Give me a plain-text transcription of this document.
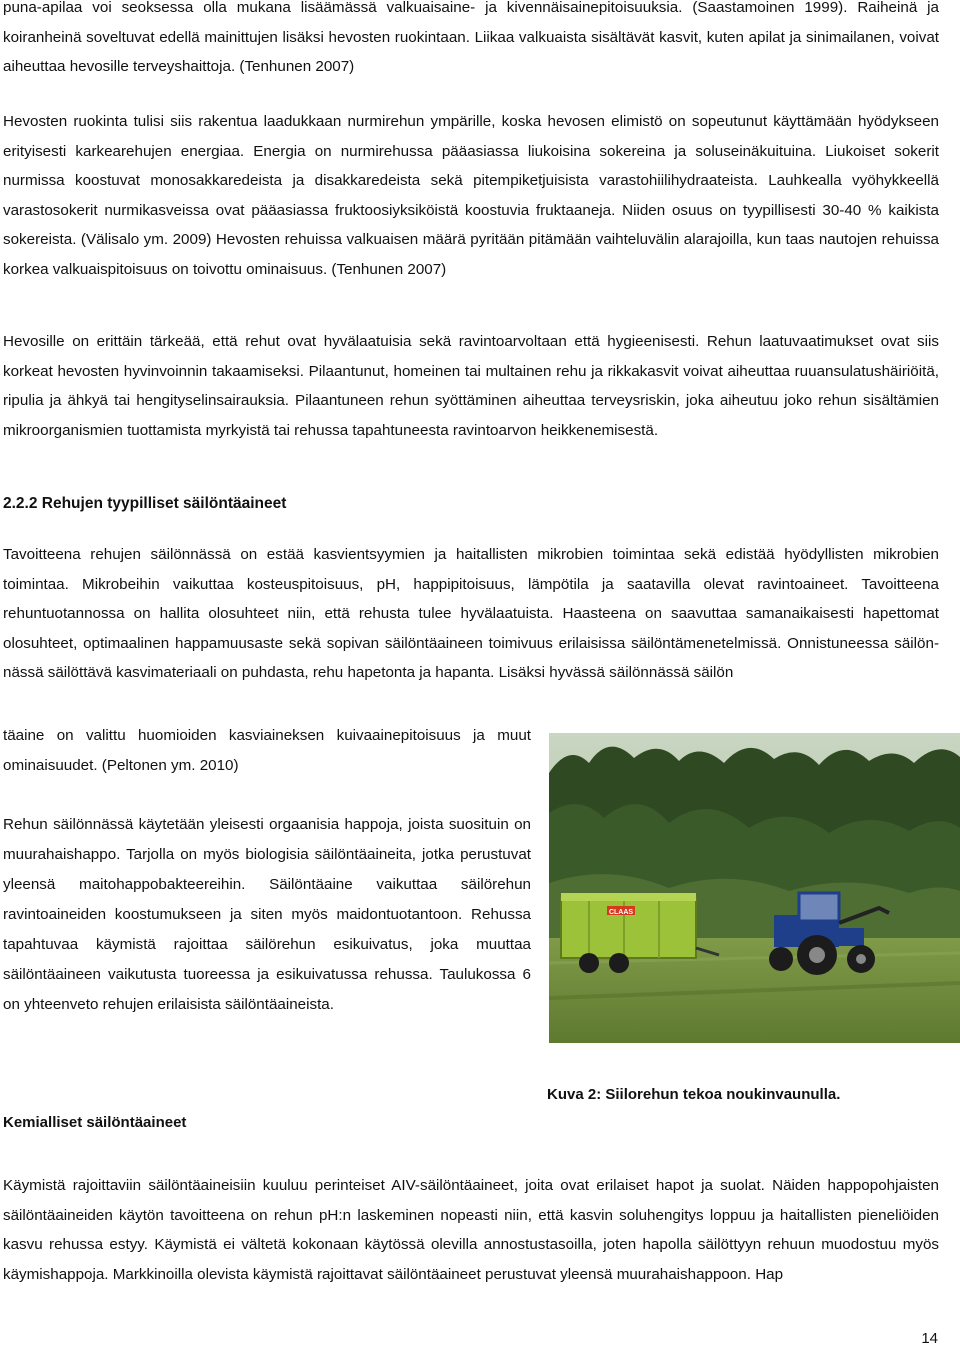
puna-apilaa voi seoksessa olla mukana lisäämässä valkuaisaine- ja kivennäisainepitoisuuksia. (Saastamoinen 1999). Raiheinä ja koiranheinä soveltuvat edellä mainittujen lisäksi hevosten ruokintaan. Liikaa valkuaista sisältävät kasvit, kuten apilat ja sinimailanen, voivat aiheuttaa hevosille terveyshaittoja. (Tenhunen 2007)

Hevosten ruokinta tulisi siis rakentua laadukkaan nurmirehun ympärille, koska hevosen elimistö on sopeutunut käyttämään hyödykseen erityisesti karkearehujen energiaa. Energia on nurmirehussa pääasiassa liukoisina sokereina ja soluseinäkuituina. Liukoiset sokerit nurmissa koostuvat monosakkaredeista ja disakkaredeista sekä pitempiketjuisista varastohiilihydraateista. Lauhkealla vyöhykkeellä varastosokerit nurmikasveissa ovat pääasiassa fruktoosiyksiköistä koostuvia fruktaaneja. Niiden osuus on tyypillisesti 30-40 % kaikista sokereista. (Välisalo ym. 2009) Hevosten rehuissa valkuaisen määrä pyritään pitämään vaihteluvälin alarajoilla, kun taas nautojen rehuissa korkea valkuaispitoisuus on toivottu ominaisuus. (Tenhunen 2007)

Hevosille on erittäin tärkeää, että rehut ovat hyvälaatuisia sekä ravintoarvoltaan että hygieenisesti. Rehun laatuvaatimukset ovat siis korkeat hevosten hyvinvoinnin takaamiseksi. Pilaantunut, homeinen tai multainen rehu ja rikkakasvit voivat aiheuttaa ruuansulatushäiriöitä, ripulia ja ähkyä tai hengityselinsairauksia. Pilaantuneen rehun syöttäminen aiheuttaa terveysriskin, joka aiheutuu joko rehun sisältämien mikroorganismien tuottamista myrkyistä tai rehussa tapahtuneesta ravintoarvon heikkenemisestä.

2.2.2 Rehujen tyypilliset säilöntäaineet

Tavoitteena rehujen säilönnässä on estää kasvientsyymien ja haitallisten mikrobien toimintaa sekä edistää hyödyllisten mikrobien toimintaa. Mikrobeihin vaikuttaa kosteuspitoisuus, pH, happipitoisuus, lämpötila ja saatavilla olevat ravintoaineet. Tavoitteena rehuntuotannossa on hallita olosuhteet niin, että rehusta tulee hyvälaatuista. Haasteena on saavuttaa samanaikaisesti hapettomat olosuhteet, optimaalinen happamuusaste sekä sopivan säilöntäaineen toimivuus erilaisissa säilöntämenetelmissä. Onnistuneessa säilönnässä säilöttävä kasvimateriaali on puhdasta, rehu hapetonta ja hapanta. Lisäksi hyvässä säilönnässä säilön

täaine on valittu huomioiden kasviaineksen kuivaainepitoisuus ja muut ominaisuudet. (Peltonen ym. 2010)

Rehun säilönnässä käytetään yleisesti orgaanisia happoja, joista suosituin on muurahaishappo. Tarjolla on myös biologisia säilöntäaineita, jotka perustuvat yleensä maitohappobakteereihin. Säilöntäaine vaikuttaa säilörehun ravintoaineiden koostumukseen ja siten myös maidontuotantoon. Rehussa tapahtuvaa käymistä rajoittaa säilörehun esikuivatus, joka muuttaa säilöntäaineen vaikutusta tuoreessa ja esikuivatussa rehussa. Taulukossa 6 on yhteenveto rehujen erilaisista säilöntäaineista.

Kemialliset säilöntäaineet

Käymistä rajoittaviin säilöntäaineisiin kuuluu perinteiset AIV-säilöntäaineet, joita ovat erilaiset hapot ja suolat. Näiden happopohjaisten säilöntäaineiden käytön tavoitteena on rehun pH:n laskeminen nopeasti niin, että kasvin soluhengitys loppuu ja haitallisten pieneliöiden kasvu rehussa estyy. Käymistä ei vältetä kokonaan käytössä olevilla annostustasoilla, joten hapolla säilöttyyn rehuun muodostuu myös käymishappoja. Markkinoilla olevista käymistä rajoittavat säilöntäaineet perustuvat yleensä muurahaishappoon. Hap

CLAAS

Kuva 2: Siilorehun tekoa noukinvaunulla.

14
